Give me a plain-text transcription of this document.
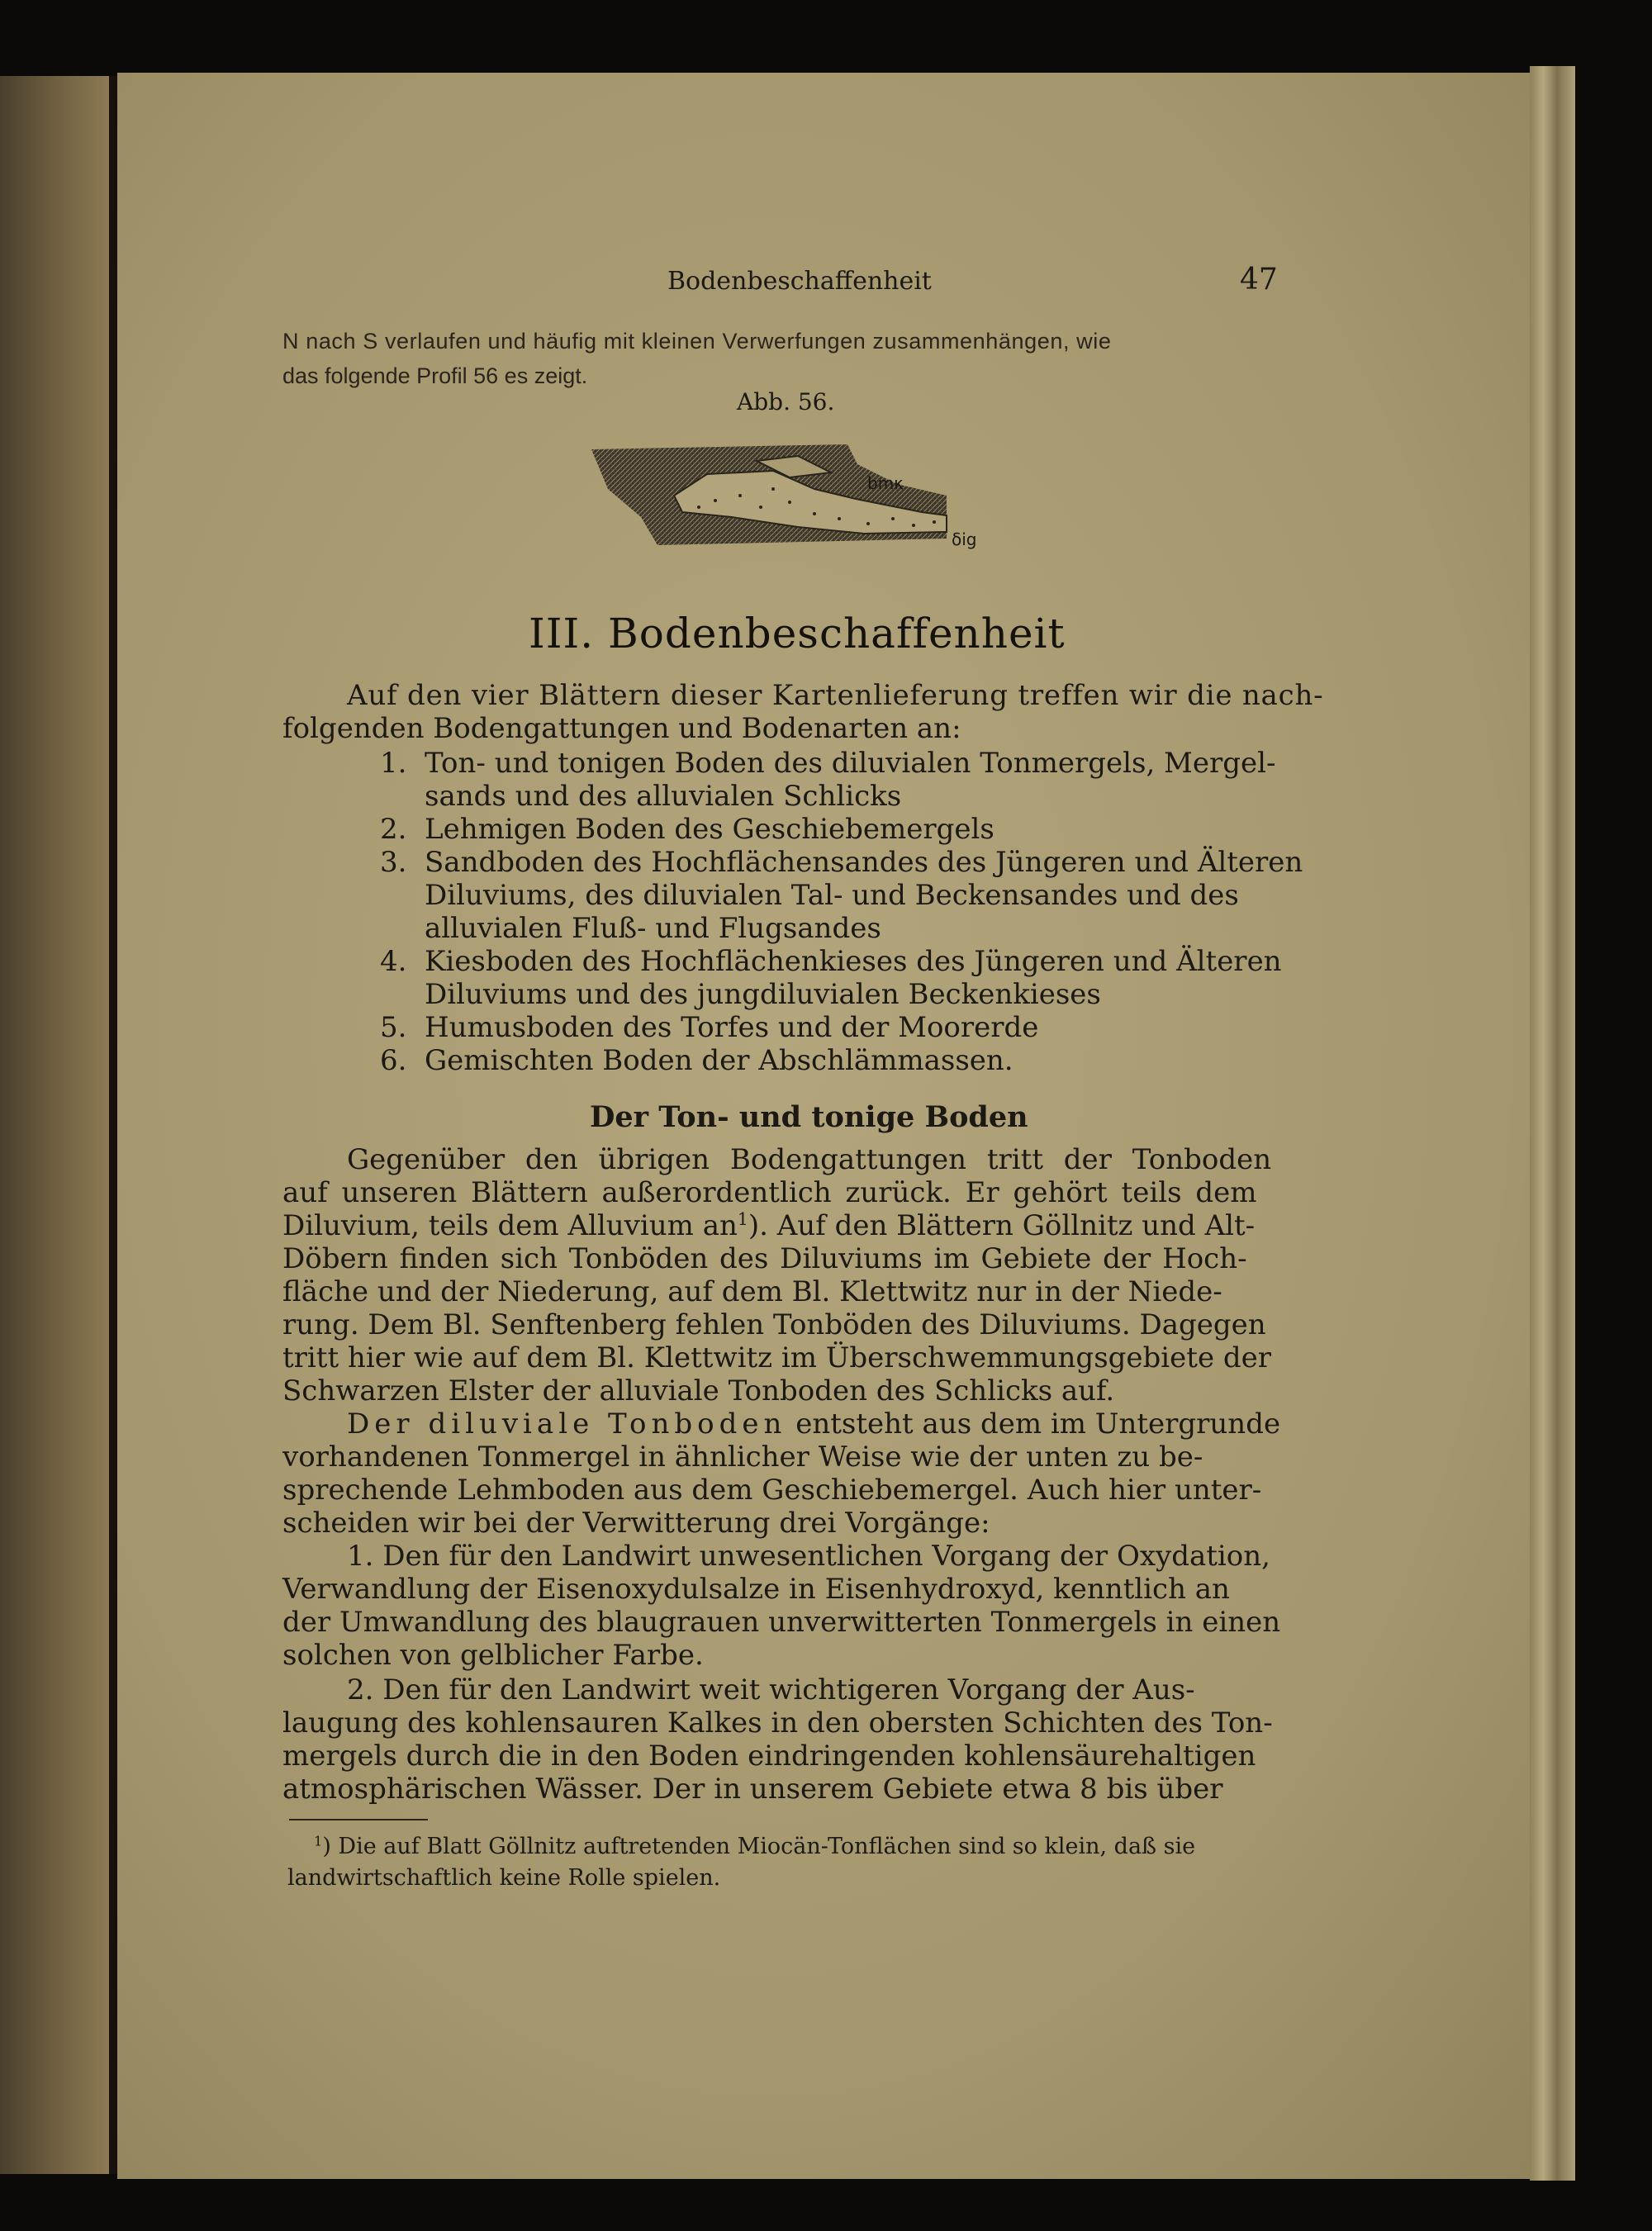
Bodenbeschaffenheit	47
N nach S verlaufen und häufig mit kleinen Verwerfungen zusammenhängen, wie
das folgende Profil 56 es zeigt.
Abb. 56.
bmκ
δig
III. Bodenbeschaffenheit
Auf den vier Blättern dieser Kartenlieferung treffen wir die nach-
folgenden Bodengattungen und Bodenarten an:
1. Ton- und tonigen Boden des diluvialen Tonmergels, Mergel-
sands und des alluvialen Schlicks
2. Lehmigen Boden des Geschiebemergels
3. Sandboden des Hochflächensandes des Jüngeren und Älteren
Diluviums, des diluvialen Tal- und Beckensandes und des
alluvialen Fluß- und Flugsandes
4. Kiesboden des Hochflächenkieses des Jüngeren und Älteren
Diluviums und des jungdiluvialen Beckenkieses
5. Humusboden des Torfes und der Moorerde
6. Gemischten Boden der Abschlämmassen.
Der Ton- und tonige Boden
Gegenüber den übrigen Bodengattungen tritt der Tonboden
auf unseren Blättern außerordentlich zurück. Er gehört teils dem
Diluvium, teils dem Alluvium $an^1$). Auf den Blättern Göllnitz und Alt-
Döbern finden sich Tonböden des Diluviums im Gebiete der Hoch-
fläche und der Niederung, auf dem Bl. Klettwitz nur in der Niede-
rung. Dem Bl. Senftenberg fehlen Tonböden des Diluviums. Dagegen
tritt hier wie auf dem Bl. Klettwitz im Überschwemmungsgebiete der
Schwarzen Elster der alluviale Tonboden des Schlicks auf.
Der diluviale Tonboden entsteht aus dem im Untergrunde
vorhandenen Tonmergel in ähnlicher Weise wie der unten zu be-
sprechende Lehmboden aus dem Geschiebemergel. Auch hier unter-
scheiden wir bei der Verwitterung drei Vorgänge:
1. Den für den Landwirt unwesentlichen Vorgang der Oxydation,
Verwandlung der Eisenoxydulsalze in Eisenhydroxyd, kenntlich an
der Umwandlung des blaugrauen unverwitterten Tonmergels in einen
solchen von gelblicher Farbe.
2. Den für den Landwirt weit wichtigeren Vorgang der Aus-
laugung des kohlensauren Kalkes in den obersten Schichten des Ton-
mergels durch die in den Boden eindringenden kohlensäurehaltigen
atmosphärischen Wässer. Der in unserem Gebiete etwa 8 bis über
$^1$) Die auf Blatt Göllnitz auftretenden Miocän-Tonflächen sind so klein, daß sie
landwirtschaftlich keine Rolle spielen.
